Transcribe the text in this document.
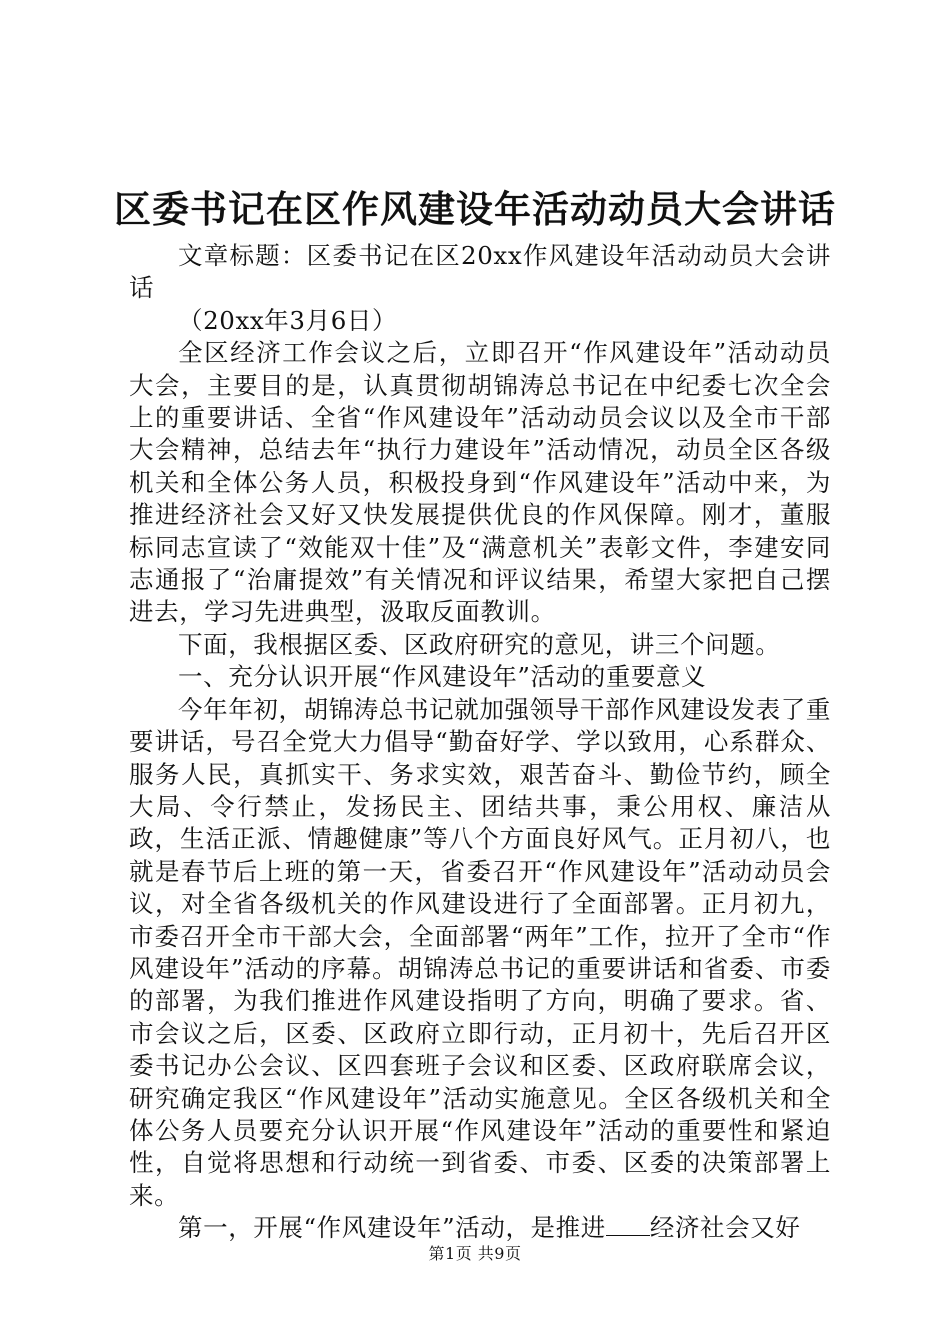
区委书记在区作风建设年活动动员大会讲话

文章标题：区委书记在区20xx作风建设年活动动员大会讲话

（20xx年3月6日）

全区经济工作会议之后，立即召开“作风建设年”活动动员大会，主要目的是，认真贯彻胡锦涛总书记在中纪委七次全会上的重要讲话、全省“作风建设年”活动动员会议以及全市干部大会精神，总结去年“执行力建设年”活动情况，动员全区各级机关和全体公务人员，积极投身到“作风建设年”活动中来，为推进经济社会又好又快发展提供优良的作风保障。刚才，董服标同志宣读了“效能双十佳”及“满意机关”表彰文件，李建安同志通报了“治庸提效”有关情况和评议结果，希望大家把自己摆进去，学习先进典型，汲取反面教训。

下面，我根据区委、区政府研究的意见，讲三个问题。

一、充分认识开展“作风建设年”活动的重要意义

今年年初，胡锦涛总书记就加强领导干部作风建设发表了重要讲话，号召全党大力倡导“勤奋好学、学以致用，心系群众、服务人民，真抓实干、务求实效，艰苦奋斗、勤俭节约，顾全大局、令行禁止，发扬民主、团结共事，秉公用权、廉洁从政，生活正派、情趣健康”等八个方面良好风气。正月初八，也就是春节后上班的第一天，省委召开“作风建设年”活动动员会议，对全省各级机关的作风建设进行了全面部署。正月初九，市委召开全市干部大会，全面部署“两年”工作，拉开了全市“作风建设年”活动的序幕。胡锦涛总书记的重要讲话和省委、市委的部署，为我们推进作风建设指明了方向，明确了要求。省、市会议之后，区委、区政府立即行动，正月初十，先后召开区委书记办公会议、区四套班子会议和区委、区政府联席会议，研究确定我区“作风建设年”活动实施意见。全区各级机关和全体公务人员要充分认识开展“作风建设年”活动的重要性和紧迫性，自觉将思想和行动统一到省委、市委、区委的决策部署上来。

第一，开展“作风建设年”活动，是推进 经济社会又好

第1页 共9页
